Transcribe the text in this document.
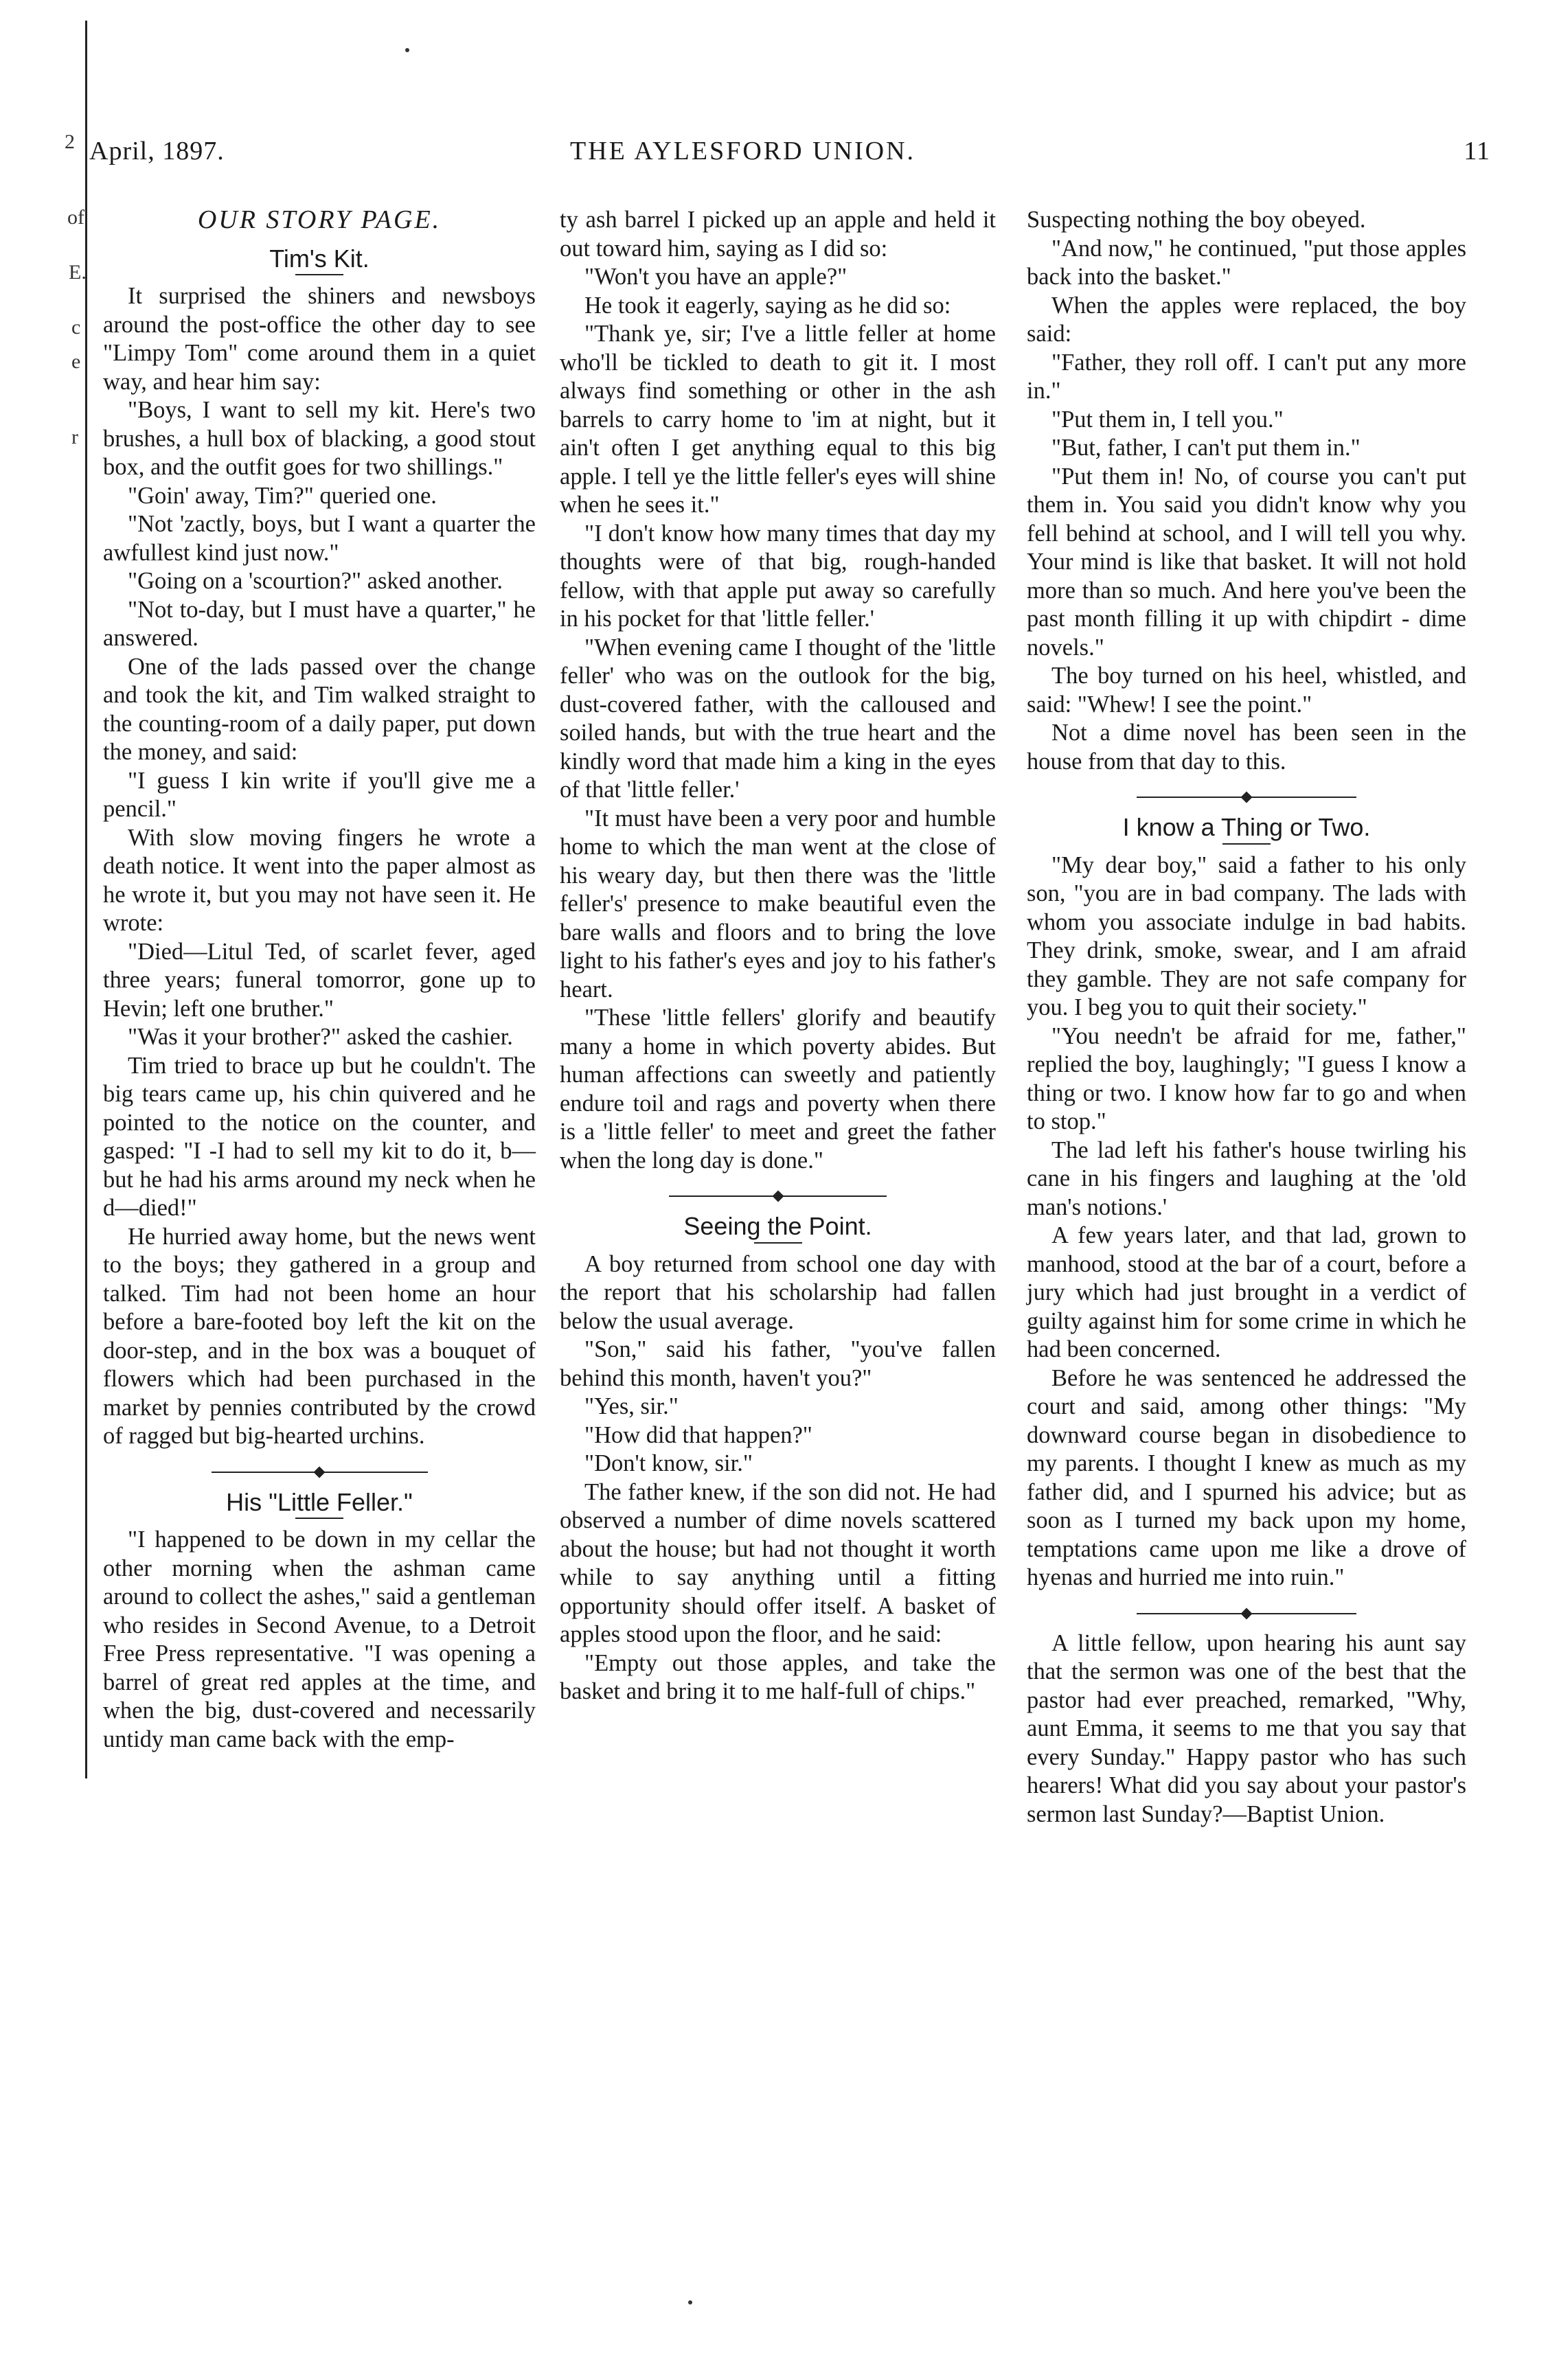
2
of
E.
c
e
r
April, 1897.	THE AYLESFORD UNION.	11
OUR STORY PAGE.
Tim's Kit.

It surprised the shiners and newsboys around the post-office the other day to see "Limpy Tom" come around them in a quiet way, and hear him say:

"Boys, I want to sell my kit. Here's two brushes, a hull box of blacking, a good stout box, and the outfit goes for two shillings."

"Goin' away, Tim?" queried one.

"Not 'zactly, boys, but I want a quarter the awfullest kind just now."

"Going on a 'scourtion?" asked another.

"Not to-day, but I must have a quarter," he answered.

One of the lads passed over the change and took the kit, and Tim walked straight to the counting-room of a daily paper, put down the money, and said:

"I guess I kin write if you'll give me a pencil."

With slow moving fingers he wrote a death notice. It went into the paper almost as he wrote it, but you may not have seen it. He wrote:

"Died—Litul Ted, of scarlet fever, aged three years; funeral tomorror, gone up to Hevin; left one bruther."

"Was it your brother?" asked the cashier.

Tim tried to brace up but he couldn't. The big tears came up, his chin quivered and he pointed to the notice on the counter, and gasped: "I -I had to sell my kit to do it, b—but he had his arms around my neck when he d—died!"

He hurried away home, but the news went to the boys; they gathered in a group and talked. Tim had not been home an hour before a bare-footed boy left the kit on the door-step, and in the box was a bouquet of flowers which had been purchased in the market by pennies contributed by the crowd of ragged but big-hearted urchins.

His "Little Feller."

"I happened to be down in my cellar the other morning when the ashman came around to collect the ashes," said a gentleman who resides in Second Avenue, to a Detroit Free Press representative. "I was opening a barrel of great red apples at the time, and when the big, dust-covered and necessarily untidy man came back with the emp-

ty ash barrel I picked up an apple and held it out toward him, saying as I did so:

"Won't you have an apple?"

He took it eagerly, saying as he did so:

"Thank ye, sir; I've a little feller at home who'll be tickled to death to git it. I most always find something or other in the ash barrels to carry home to 'im at night, but it ain't often I get anything equal to this big apple. I tell ye the little feller's eyes will shine when he sees it."

"I don't know how many times that day my thoughts were of that big, rough-handed fellow, with that apple put away so carefully in his pocket for that 'little feller.'

"When evening came I thought of the 'little feller' who was on the outlook for the big, dust-covered father, with the calloused and soiled hands, but with the true heart and the kindly word that made him a king in the eyes of that 'little feller.'

"It must have been a very poor and humble home to which the man went at the close of his weary day, but then there was the 'little feller's' presence to make beautiful even the bare walls and floors and to bring the love light to his father's eyes and joy to his father's heart.

"These 'little fellers' glorify and beautify many a home in which poverty abides. But human affections can sweetly and patiently endure toil and rags and poverty when there is a 'little feller' to meet and greet the father when the long day is done."

Seeing the Point.

A boy returned from school one day with the report that his scholarship had fallen below the usual average.

"Son," said his father, "you've fallen behind this month, haven't you?"

"Yes, sir."

"How did that happen?"

"Don't know, sir."

The father knew, if the son did not. He had observed a number of dime novels scattered about the house; but had not thought it worth while to say anything until a fitting opportunity should offer itself. A basket of apples stood upon the floor, and he said:

"Empty out those apples, and take the basket and bring it to me half-full of chips."

Suspecting nothing the boy obeyed.

"And now," he continued, "put those apples back into the basket."

When the apples were replaced, the boy said:

"Father, they roll off. I can't put any more in."

"Put them in, I tell you."

"But, father, I can't put them in."

"Put them in! No, of course you can't put them in. You said you didn't know why you fell behind at school, and I will tell you why. Your mind is like that basket. It will not hold more than so much. And here you've been the past month filling it up with chipdirt - dime novels."

The boy turned on his heel, whistled, and said: "Whew! I see the point."

Not a dime novel has been seen in the house from that day to this.

I know a Thing or Two.

"My dear boy," said a father to his only son, "you are in bad company. The lads with whom you associate indulge in bad habits. They drink, smoke, swear, and I am afraid they gamble. They are not safe company for you. I beg you to quit their society."

"You needn't be afraid for me, father," replied the boy, laughingly; "I guess I know a thing or two. I know how far to go and when to stop."

The lad left his father's house twirling his cane in his fingers and laughing at the 'old man's notions.'

A few years later, and that lad, grown to manhood, stood at the bar of a court, before a jury which had just brought in a verdict of guilty against him for some crime in which he had been concerned.

Before he was sentenced he addressed the court and said, among other things: "My downward course began in disobedience to my parents. I thought I knew as much as my father did, and I spurned his advice; but as soon as I turned my back upon my home, temptations came upon me like a drove of hyenas and hurried me into ruin."

A little fellow, upon hearing his aunt say that the sermon was one of the best that the pastor had ever preached, remarked, "Why, aunt Emma, it seems to me that you say that every Sunday." Happy pastor who has such hearers! What did you say about your pastor's sermon last Sunday?—Baptist Union.
